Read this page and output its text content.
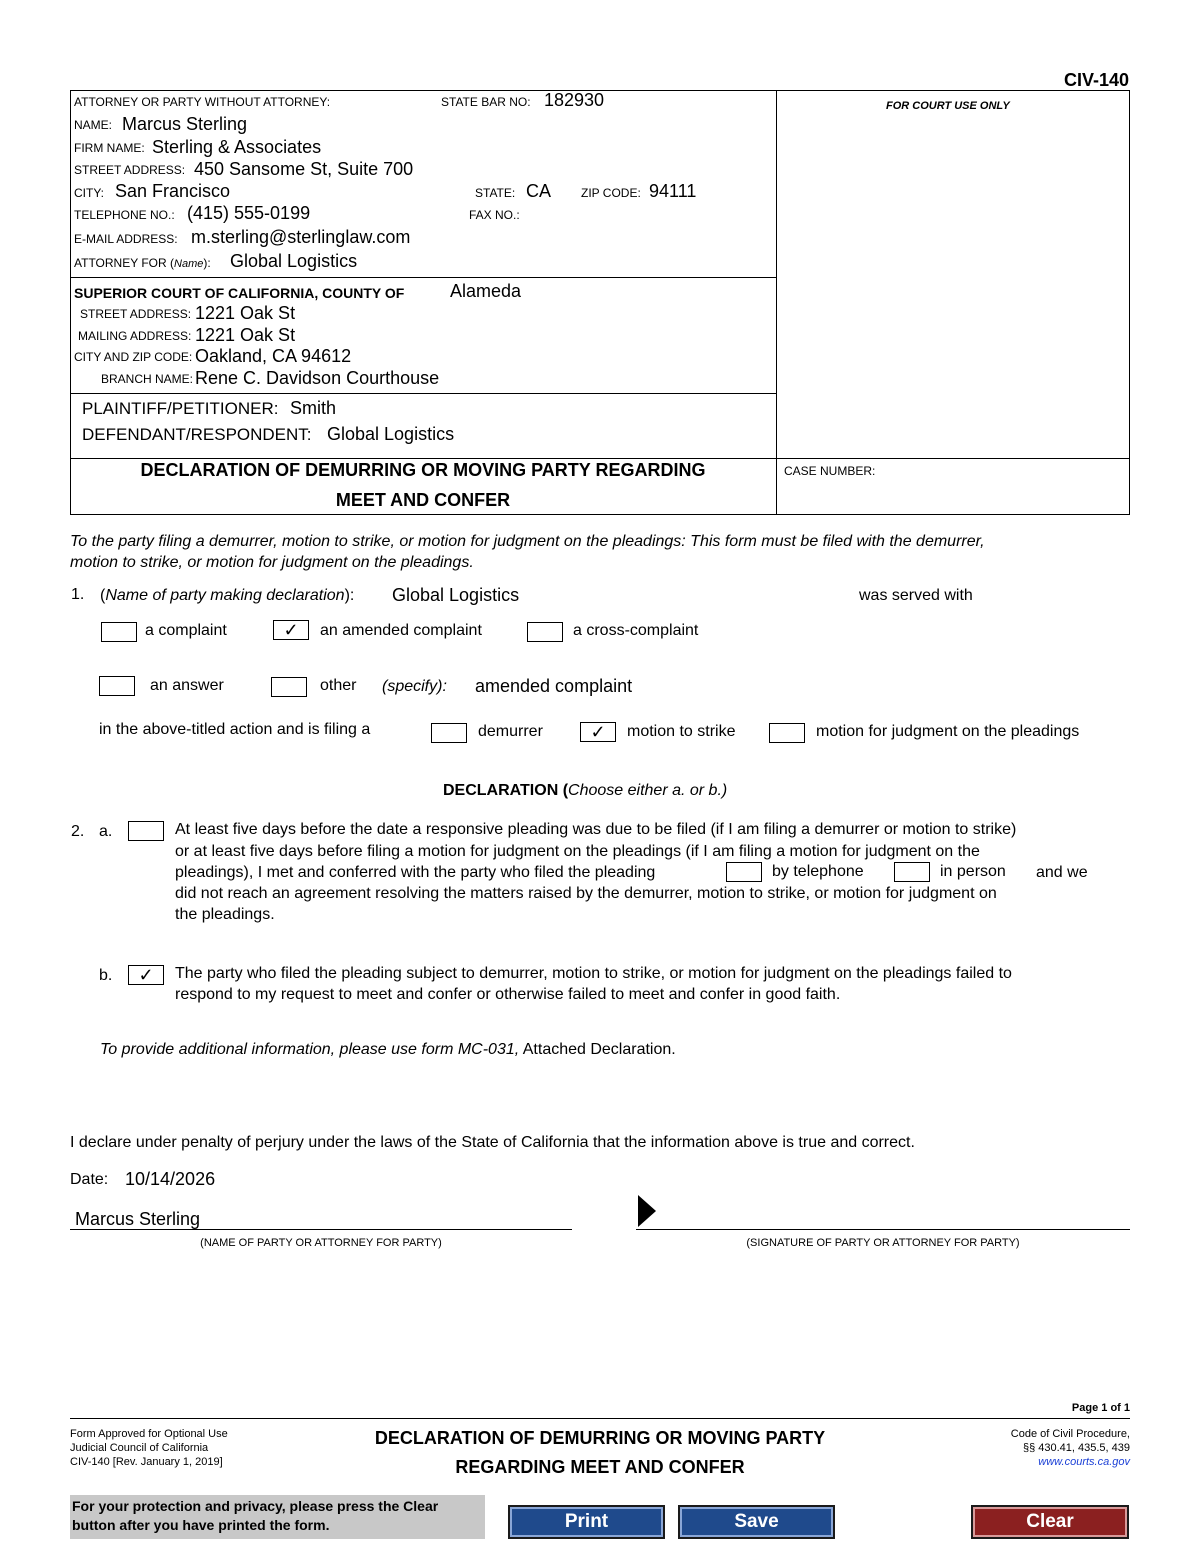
CIV-140
ATTORNEY OR PARTY WITHOUT ATTORNEY:	STATE BAR NO: 182930
NAME: Marcus Sterling
FIRM NAME: Sterling & Associates
STREET ADDRESS: 450 Sansome St, Suite 700
CITY: San Francisco	STATE: CA ZIP CODE: 94111
TELEPHONE NO.: (415) 555-0199	FAX NO.:
E-MAIL ADDRESS: m.sterling@sterlinglaw.com
ATTORNEY FOR (Name): Global Logistics
FOR COURT USE ONLY
SUPERIOR COURT OF CALIFORNIA, COUNTY OF	Alameda
STREET ADDRESS: 1221 Oak St
MAILING ADDRESS: 1221 Oak St
CITY AND ZIP CODE: Oakland, CA 94612
BRANCH NAME: Rene C. Davidson Courthouse
PLAINTIFF/PETITIONER: Smith
DEFENDANT/RESPONDENT: Global Logistics
DECLARATION OF DEMURRING OR MOVING PARTY REGARDING
MEET AND CONFER
CASE NUMBER:
To the party filing a demurrer, motion to strike, or motion for judgment on the pleadings: This form must be filed with the demurrer,
motion to strike, or motion for judgment on the pleadings.
1. (Name of party making declaration): Global Logistics	was served with
a complaint	✓	an amended complaint	a cross-complaint
an answer	other (specify): amended complaint
in the above-titled action and is filing a	demurrer	✓	motion to strike	motion for judgment on the pleadings
DECLARATION (Choose either a. or b.)
2. a.	At least five days before the date a responsive pleading was due to be filed (if I am filing a demurrer or motion to strike)
or at least five days before filing a motion for judgment on the pleadings (if I am filing a motion for judgment on the
pleadings), I met and conferred with the party who filed the pleading	by telephone	in person and we
did not reach an agreement resolving the matters raised by the demurrer, motion to strike, or motion for judgment on
the pleadings.
b.	✓	The party who filed the pleading subject to demurrer, motion to strike, or motion for judgment on the pleadings failed to
respond to my request to meet and confer or otherwise failed to meet and confer in good faith.
To provide additional information, please use form MC-031, Attached Declaration.
I declare under penalty of perjury under the laws of the State of California that the information above is true and correct.
Date: 10/14/2026
Marcus Sterling
(NAME OF PARTY OR ATTORNEY FOR PARTY)	(SIGNATURE OF PARTY OR ATTORNEY FOR PARTY)
Page 1 of 1
Form Approved for Optional Use
Judicial Council of California
CIV-140 [Rev. January 1, 2019]
DECLARATION OF DEMURRING OR MOVING PARTY
REGARDING MEET AND CONFER
Code of Civil Procedure,
§§ 430.41, 435.5, 439
www.courts.ca.gov
For your protection and privacy, please press the Clear
button after you have printed the form.	Print	Save	Clear
